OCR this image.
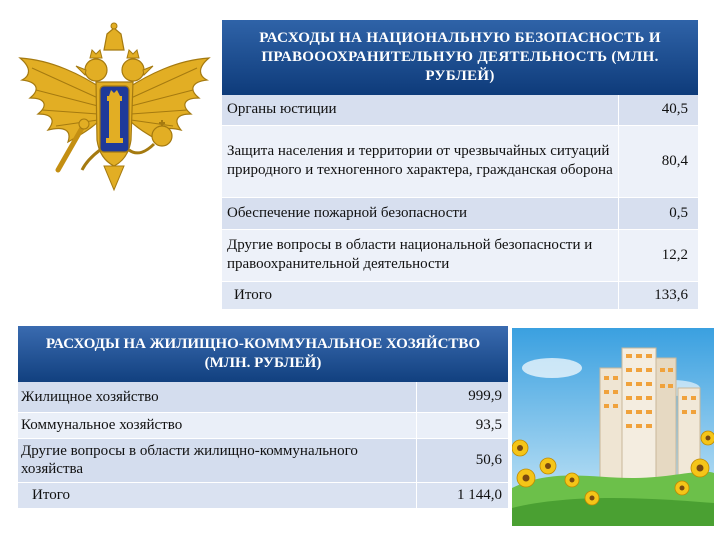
РАСХОДЫ НА НАЦИОНАЛЬНУЮ БЕЗОПАСНОСТЬ И ПРАВОООХРАНИТЕЛЬНУЮ ДЕЯТЕЛЬНОСТЬ (МЛН. РУБЛЕЙ)	
Органы юстиции	40,5
Защита населения и территории от чрезвычайных ситуаций природного и техногенного характера, гражданская оборона	80,4
Обеспечение пожарной безопасности	0,5
Другие вопросы в области национальной безопасности и правоохранительной деятельности	12,2
Итого	133,6
РАСХОДЫ НА ЖИЛИЩНО-КОММУНАЛЬНОЕ ХОЗЯЙСТВО (МЛН. РУБЛЕЙ)	
Жилищное хозяйство	999,9
Коммунальное хозяйство	93,5
Другие вопросы в области жилищно-коммунального хозяйства	50,6
Итого	1 144,0
